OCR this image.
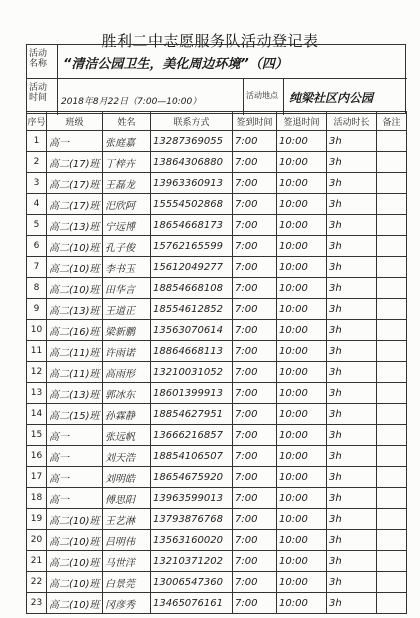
胜利二中志愿服务队活动登记表
活动名称	“清洁公园卫生，美化周边环境”（四）
活动时间	2018年8月22日（7:00—10:00）
活动地点 纯梁社区内公园
序号	班级	姓名	联系方式	签到时间	签退时间	活动时长	备注
1	高一	张庭嘉	13287369055	7:00	10:00	3h	
2	高二(17)班	丁梓卉	13864306880	7:00	10:00	3h	
3	高二(17)班	王磊龙	13963360913	7:00	10:00	3h	
4	高二(17)班	汜欣阿	15554502868	7:00	10:00	3h	
5	高二(13)班	宁远博	18654668173	7:00	10:00	3h	
6	高二(10)班	孔子俊	15762165599	7:00	10:00	3h	
7	高二(10)班	李书玉	15612049277	7:00	10:00	3h	
8	高二(10)班	田华言	18854668108	7:00	10:00	3h	
9	高二(13)班	王道正	18554612852	7:00	10:00	3h	
10	高二(16)班	梁新鹏	13563070614	7:00	10:00	3h	
11	高二(11)班	许雨诺	18864668113	7:00	10:00	3h	
12	高二(11)班	高雨形	13210031052	7:00	10:00	3h	
13	高二(13)班	郭冰东	18601399913	7:00	10:00	3h	
14	高二(15)班	孙霖静	18854627951	7:00	10:00	3h	
15	高一	张远帆	13666216857	7:00	10:00	3h	
16	高一	刘天浩	18854106507	7:00	10:00	3h	
17	高一	刘明皓	18654675920	7:00	10:00	3h	
18	高一	傅思阳	13963599013	7:00	10:00	3h	
19	高二(10)班	王艺淋	13793876768	7:00	10:00	3h	
20	高二(10)班	吕明伟	13563160020	7:00	10:00	3h	
21	高二(10)班	马世洋	13210371202	7:00	10:00	3h	
22	高二(10)班	白景莞	13006547360	7:00	10:00	3h	
23	高二(10)班	冈彦秀	13465076161	7:00	10:00	3h	
